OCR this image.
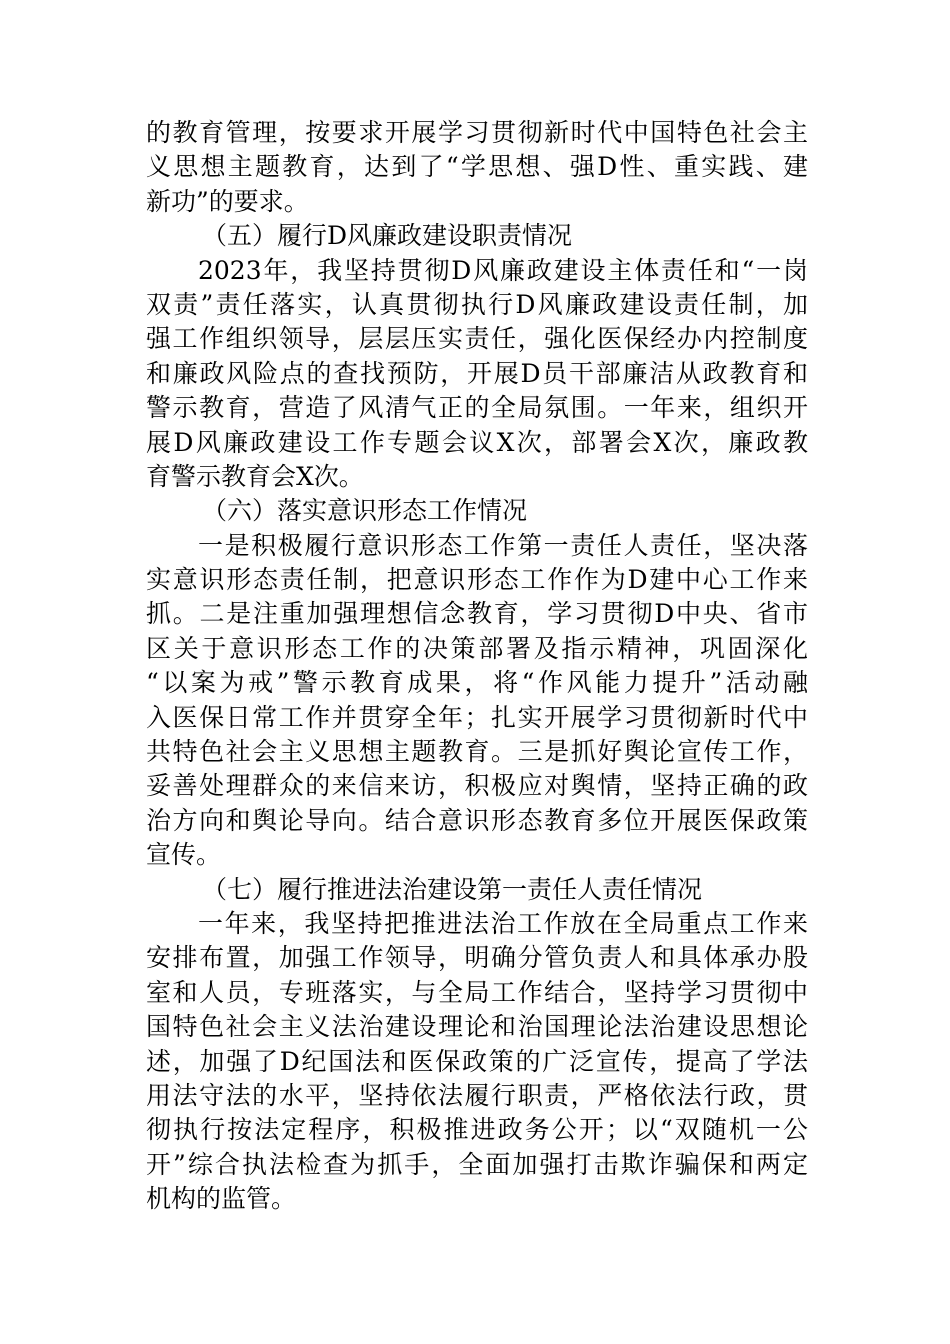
的教育管理，按要求开展学习贯彻新时代中国特色社会主
义思想主题教育，达到了“学思想、强D性、重实践、建
新功”的要求。
（五）履行D风廉政建设职责情况
2023年，我坚持贯彻D风廉政建设主体责任和“一岗
双责”责任落实，认真贯彻执行D风廉政建设责任制，加
强工作组织领导，层层压实责任，强化医保经办内控制度
和廉政风险点的查找预防，开展D员干部廉洁从政教育和
警示教育，营造了风清气正的全局氛围。一年来，组织开
展D风廉政建设工作专题会议X次，部署会X次，廉政教
育警示教育会X次。
（六）落实意识形态工作情况
一是积极履行意识形态工作第一责任人责任，坚决落
实意识形态责任制，把意识形态工作作为D建中心工作来
抓。二是注重加强理想信念教育，学习贯彻D中央、省市
区关于意识形态工作的决策部署及指示精神，巩固深化
“以案为戒”警示教育成果，将“作风能力提升”活动融
入医保日常工作并贯穿全年；扎实开展学习贯彻新时代中
共特色社会主义思想主题教育。三是抓好舆论宣传工作，
妥善处理群众的来信来访，积极应对舆情，坚持正确的政
治方向和舆论导向。结合意识形态教育多位开展医保政策
宣传。
（七）履行推进法治建设第一责任人责任情况
一年来，我坚持把推进法治工作放在全局重点工作来
安排布置，加强工作领导，明确分管负责人和具体承办股
室和人员，专班落实，与全局工作结合，坚持学习贯彻中
国特色社会主义法治建设理论和治国理论法治建设思想论
述，加强了D纪国法和医保政策的广泛宣传，提高了学法
用法守法的水平，坚持依法履行职责，严格依法行政，贯
彻执行按法定程序，积极推进政务公开；以“双随机一公
开”综合执法检查为抓手，全面加强打击欺诈骗保和两定
机构的监管。
